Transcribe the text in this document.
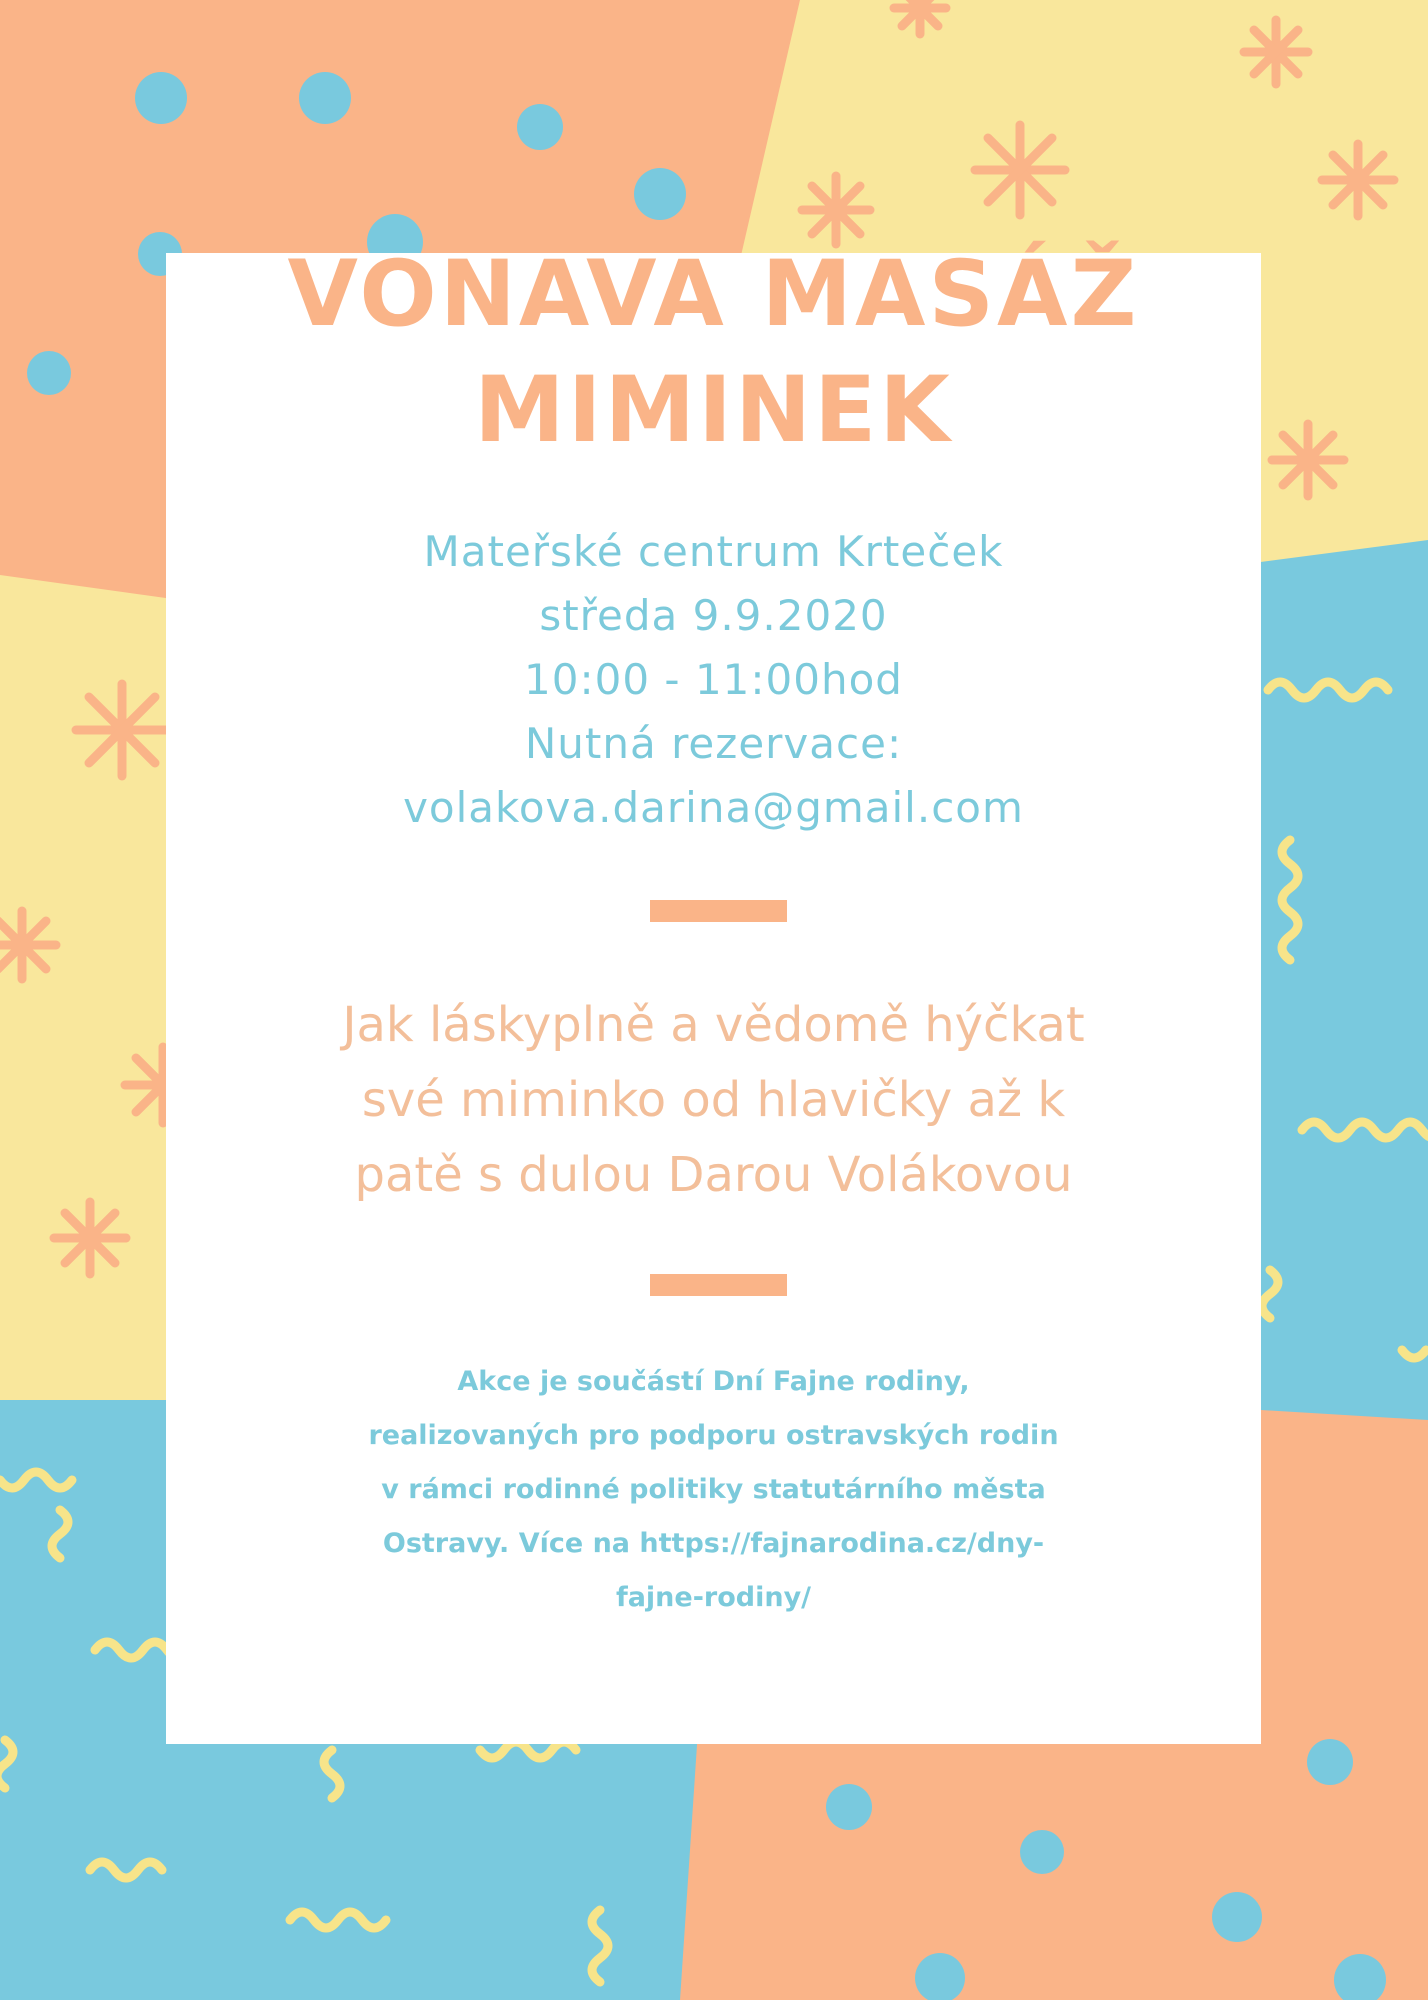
VOŇAVÁ MASÁŽ
MIMINEK
Mateřské centrum Krteček
středa 9.9.2020
10:00 - 11:00hod
Nutná rezervace:
volakova.darina@gmail.com
Jak láskyplně a vědomě hýčkat
své miminko od hlavičky až k
patě s dulou Darou Volákovou
Akce je součástí Dní Fajne rodiny,
realizovaných pro podporu ostravských rodin
v rámci rodinné politiky statutárního města
Ostravy. Více na https://fajnarodina.cz/dny-
fajne-rodiny/
